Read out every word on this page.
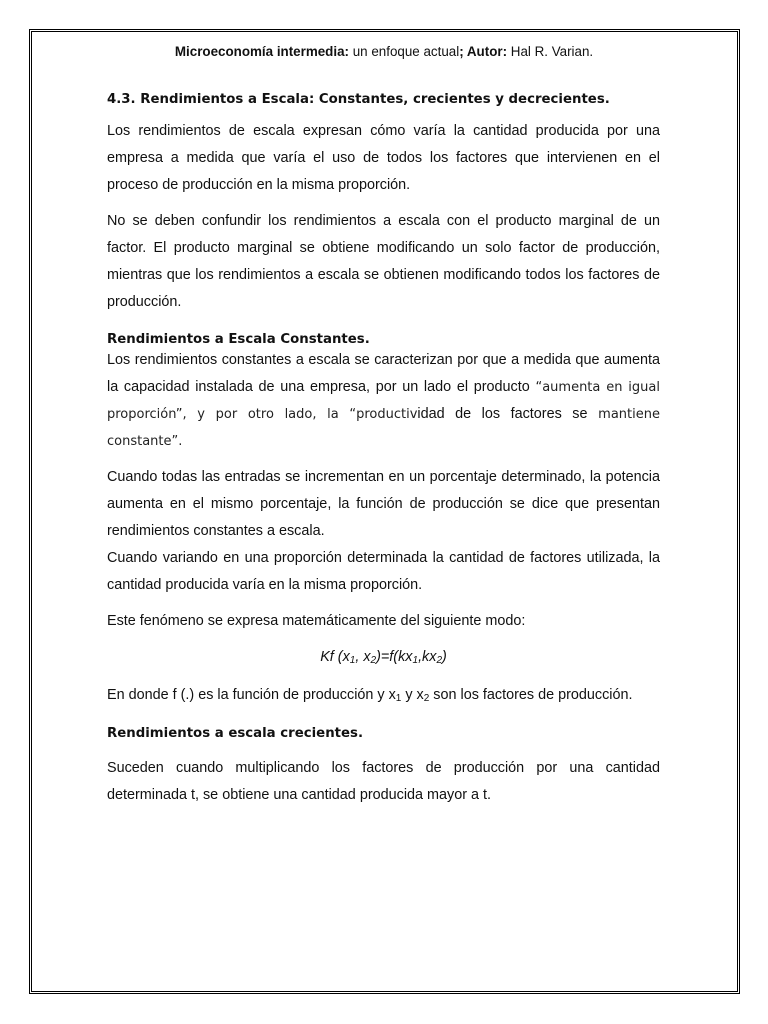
Microeconomía intermedia: un enfoque actual; Autor: Hal R. Varian.
4.3. Rendimientos a Escala: Constantes, crecientes y decrecientes.

Los rendimientos de escala expresan cómo varía la cantidad producida por una empresa a medida que varía el uso de todos los factores que intervienen en el proceso de producción en la misma proporción.

No se deben confundir los rendimientos a escala con el producto marginal de un factor. El producto marginal se obtiene modificando un solo factor de producción, mientras que los rendimientos a escala se obtienen modificando todos los factores de producción.

Rendimientos a Escala Constantes.

Los rendimientos constantes a escala se caracterizan por que a medida que aumenta la capacidad instalada de una empresa, por un lado el producto “aumenta en igual proporción”, y por otro lado, la “productividad de los factores se mantiene constante”.

Cuando todas las entradas se incrementan en un porcentaje determinado, la potencia aumenta en el mismo porcentaje, la función de producción se dice que presentan rendimientos constantes a escala.

Cuando variando en una proporción determinada la cantidad de factores utilizada, la cantidad producida varía en la misma proporción.

Este fenómeno se expresa matemáticamente del siguiente modo:

Kf ($x_1$, $x_2)=f(kx_1,kx_2)$

En donde f (.) es la función de producción y $x_1$ y $x_2$ son los factores de producción.

Rendimientos a escala crecientes.

Suceden cuando multiplicando los factores de producción por una cantidad determinada t, se obtiene una cantidad producida mayor a t.
